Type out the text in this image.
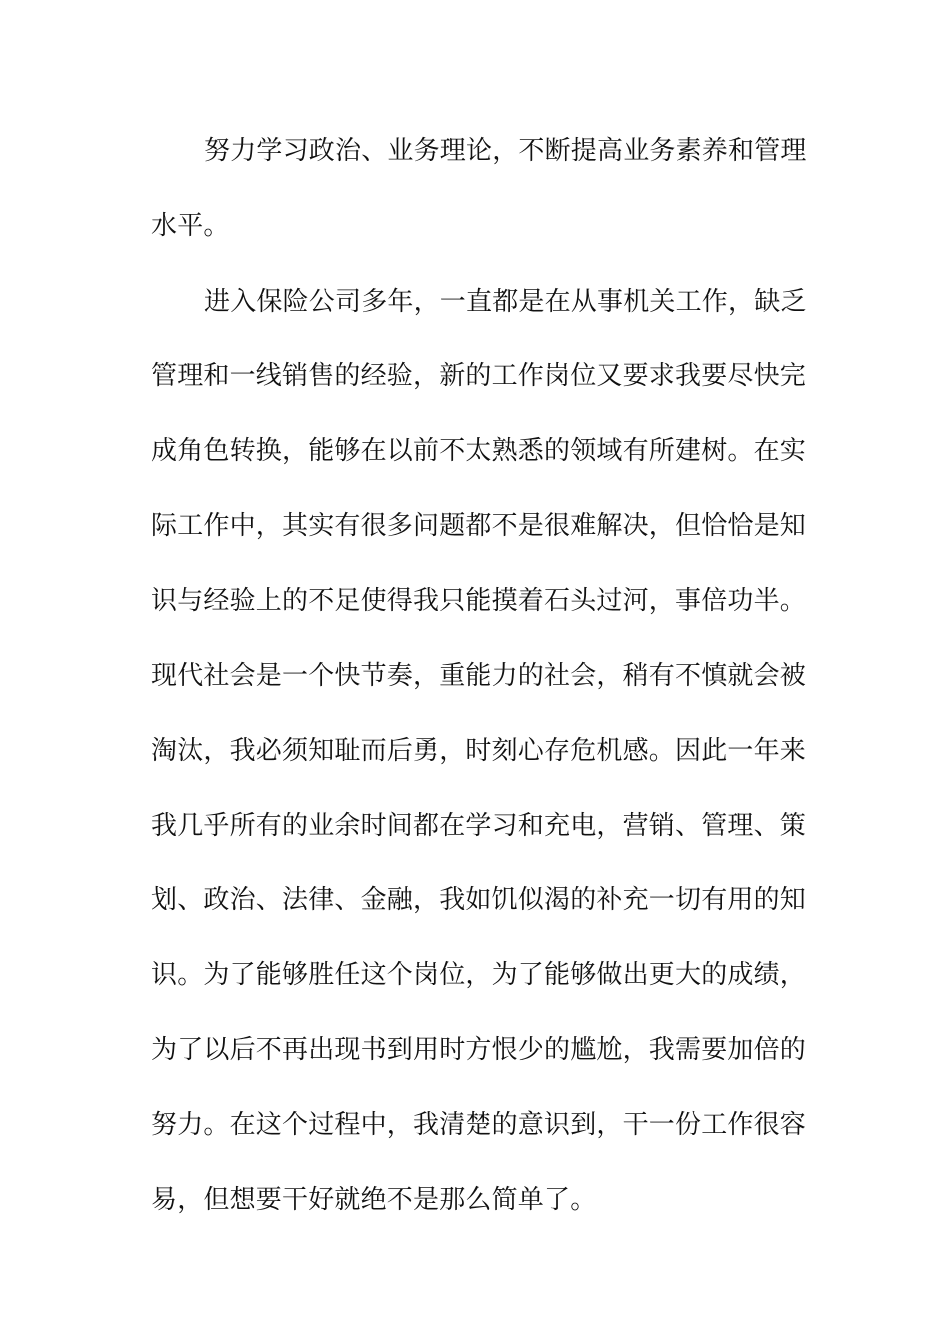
努力学习政治、业务理论，不断提高业务素养和管理
水平。
进入保险公司多年，一直都是在从事机关工作，缺乏
管理和一线销售的经验，新的工作岗位又要求我要尽快完
成角色转换，能够在以前不太熟悉的领域有所建树。在实
际工作中，其实有很多问题都不是很难解决，但恰恰是知
识与经验上的不足使得我只能摸着石头过河，事倍功半。
现代社会是一个快节奏，重能力的社会，稍有不慎就会被
淘汰，我必须知耻而后勇，时刻心存危机感。因此一年来
我几乎所有的业余时间都在学习和充电，营销、管理、策
划、政治、法律、金融，我如饥似渴的补充一切有用的知
识。为了能够胜任这个岗位，为了能够做出更大的成绩，
为了以后不再出现书到用时方恨少的尴尬，我需要加倍的
努力。在这个过程中，我清楚的意识到，干一份工作很容
易，但想要干好就绝不是那么简单了。
